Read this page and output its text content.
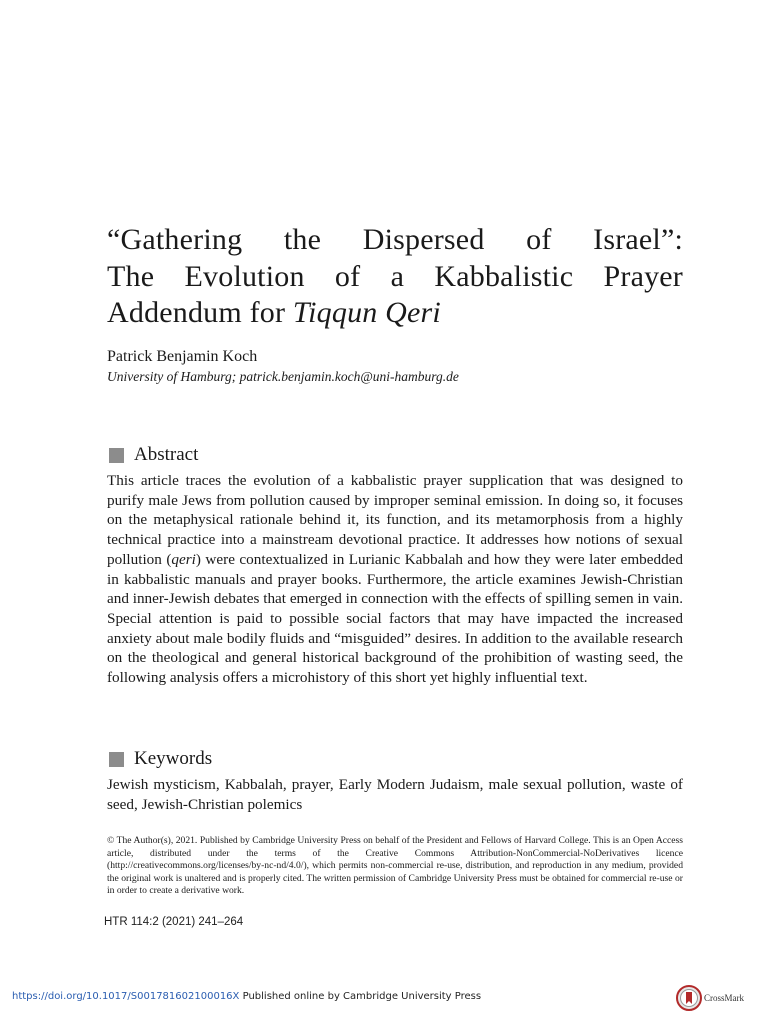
“Gathering the Dispersed of Israel”:
The Evolution of a Kabbalistic Prayer
Addendum for Tiqqun Qeri
Patrick Benjamin Koch
University of Hamburg; patrick.benjamin.koch@uni-hamburg.de
Abstract

This article traces the evolution of a kabbalistic prayer supplication that was designed to purify male Jews from pollution caused by improper seminal emission. In doing so, it focuses on the metaphysical rationale behind it, its function, and its metamorphosis from a highly technical practice into a mainstream devotional practice. It addresses how notions of sexual pollution (qeri) were contextualized in Lurianic Kabbalah and how they were later embedded in kabbalistic manuals and prayer books. Furthermore, the article examines Jewish-Christian and inner-Jewish debates that emerged in connection with the effects of spilling semen in vain. Special attention is paid to possible social factors that may have impacted the increased anxiety about male bodily fluids and “misguided” desires. In addition to the available research on the theological and general historical background of the prohibition of wasting seed, the following analysis offers a microhistory of this short yet highly influential text.

Keywords

Jewish mysticism, Kabbalah, prayer, Early Modern Judaism, male sexual pollution, waste of seed, Jewish-Christian polemics

© The Author(s), 2021. Published by Cambridge University Press on behalf of the President and Fellows of Harvard College. This is an Open Access article, distributed under the terms of the Creative Commons Attribution-NonCommercial-NoDerivatives licence (http://creativecommons.org/licenses/by-nc-nd/4.0/), which permits non-commercial re-use, distribution, and reproduction in any medium, provided the original work is unaltered and is properly cited. The written permission of Cambridge University Press must be obtained for commercial re-use or in order to create a derivative work.

HTR 114:2 (2021) 241–264
https://doi.org/10.1017/S001781602100016X Published online by Cambridge University Press	CrossMark
